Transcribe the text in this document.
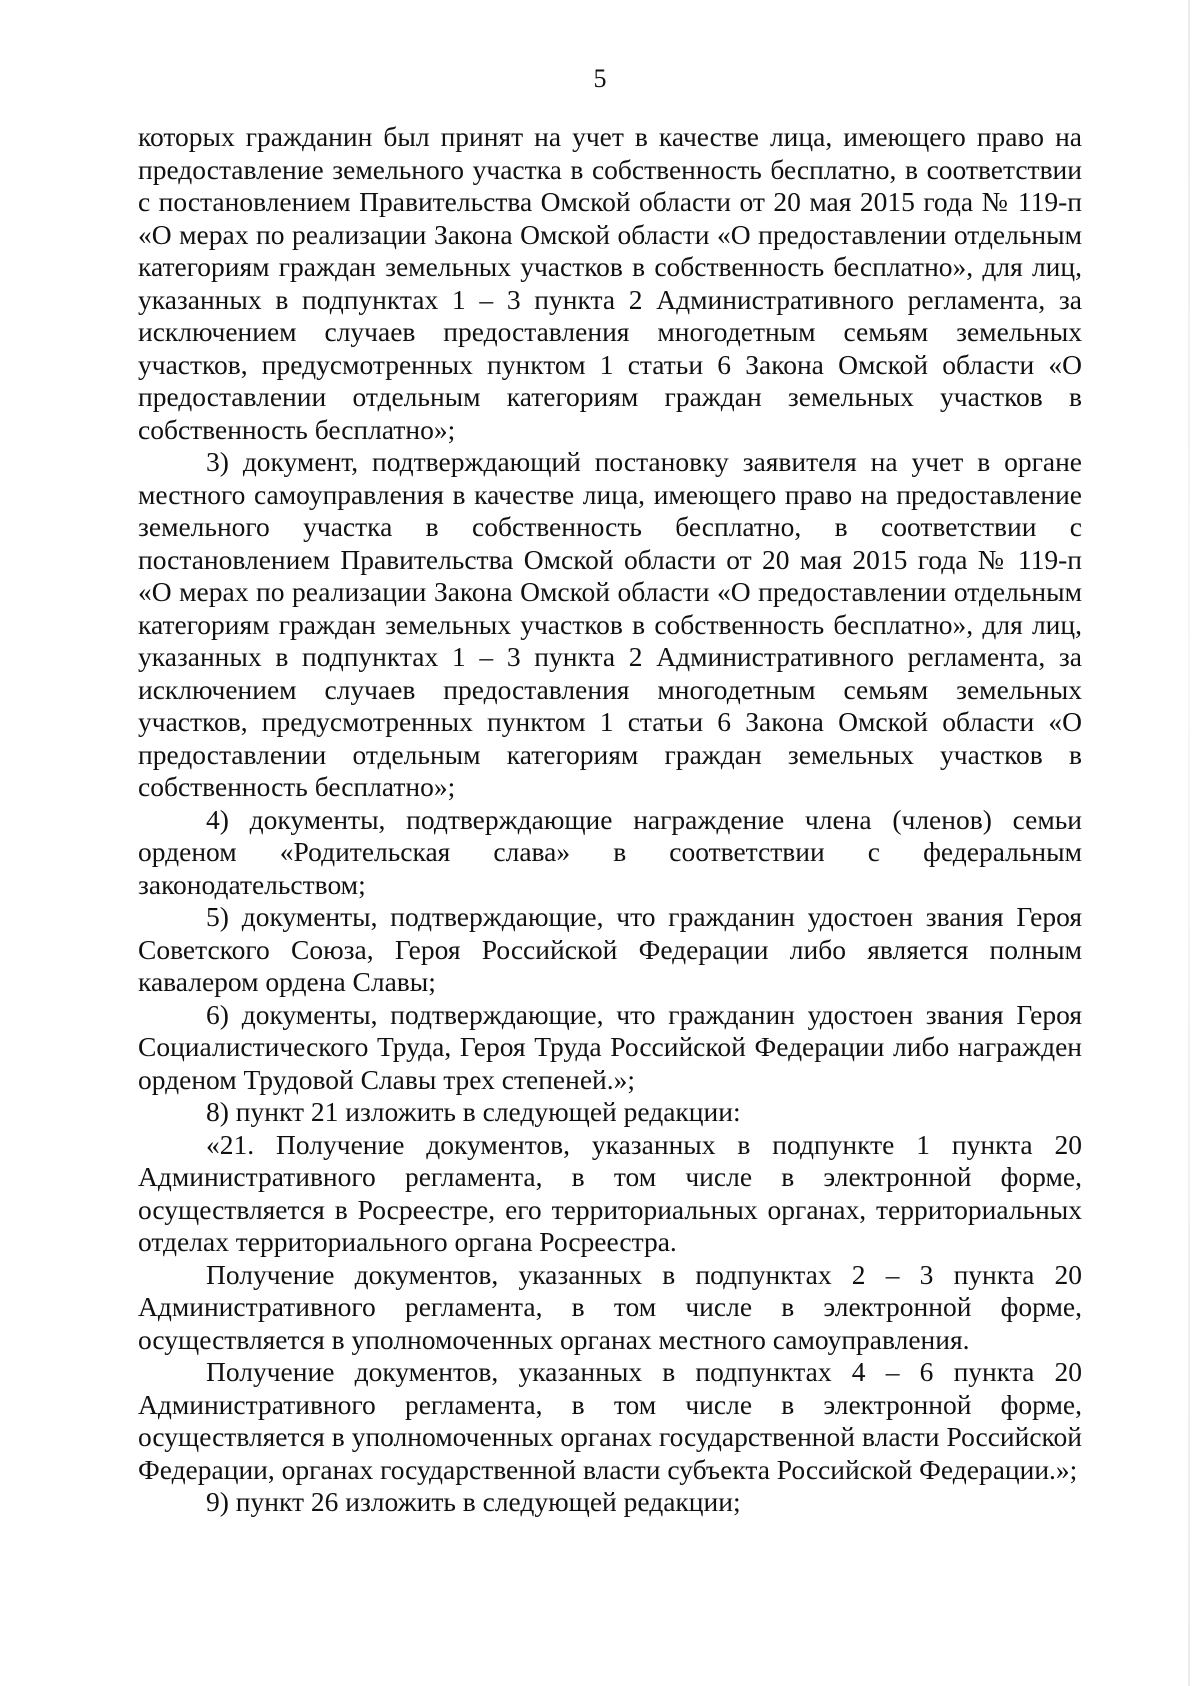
5

которых гражданин был принят на учет в качестве лица, имеющего право на предоставление земельного участка в собственность бесплатно, в соответствии с постановлением Правительства Омской области от 20 мая 2015 года № 119-п «О мерах по реализации Закона Омской области «О предоставлении отдельным категориям граждан земельных участков в собственность бесплатно», для лиц, указанных в подпунктах 1 – 3 пункта 2 Административного регламента, за исключением случаев предоставления многодетным семьям земельных участков, предусмотренных пунктом 1 статьи 6 Закона Омской области «О предоставлении отдельным категориям граждан земельных участков в собственность бесплатно»;

3) документ, подтверждающий постановку заявителя на учет в органе местного самоуправления в качестве лица, имеющего право на предоставление земельного участка в собственность бесплатно, в соответствии с постановлением Правительства Омской области от 20 мая 2015 года № 119-п «О мерах по реализации Закона Омской области «О предоставлении отдельным категориям граждан земельных участков в собственность бесплатно», для лиц, указанных в подпунктах 1 – 3 пункта 2 Административного регламента, за исключением случаев предоставления многодетным семьям земельных участков, предусмотренных пунктом 1 статьи 6 Закона Омской области «О предоставлении отдельным категориям граждан земельных участков в собственность бесплатно»;

4) документы, подтверждающие награждение члена (членов) семьи орденом «Родительская слава» в соответствии с федеральным законодательством;

5) документы, подтверждающие, что гражданин удостоен звания Героя Советского Союза, Героя Российской Федерации либо является полным кавалером ордена Славы;

6) документы, подтверждающие, что гражданин удостоен звания Героя Социалистического Труда, Героя Труда Российской Федерации либо награжден орденом Трудовой Славы трех степеней.»;

8) пункт 21 изложить в следующей редакции:

«21. Получение документов, указанных в подпункте 1 пункта 20 Административного регламента, в том числе в электронной форме, осуществляется в Росреестре, его территориальных органах, территориальных отделах территориального органа Росреестра.

Получение документов, указанных в подпунктах 2 – 3 пункта 20 Административного регламента, в том числе в электронной форме, осуществляется в уполномоченных органах местного самоуправления.

Получение документов, указанных в подпунктах 4 – 6 пункта 20 Административного регламента, в том числе в электронной форме, осуществляется в уполномоченных органах государственной власти Российской Федерации, органах государственной власти субъекта Российской Федерации.»;

9) пункт 26 изложить в следующей редакции;
